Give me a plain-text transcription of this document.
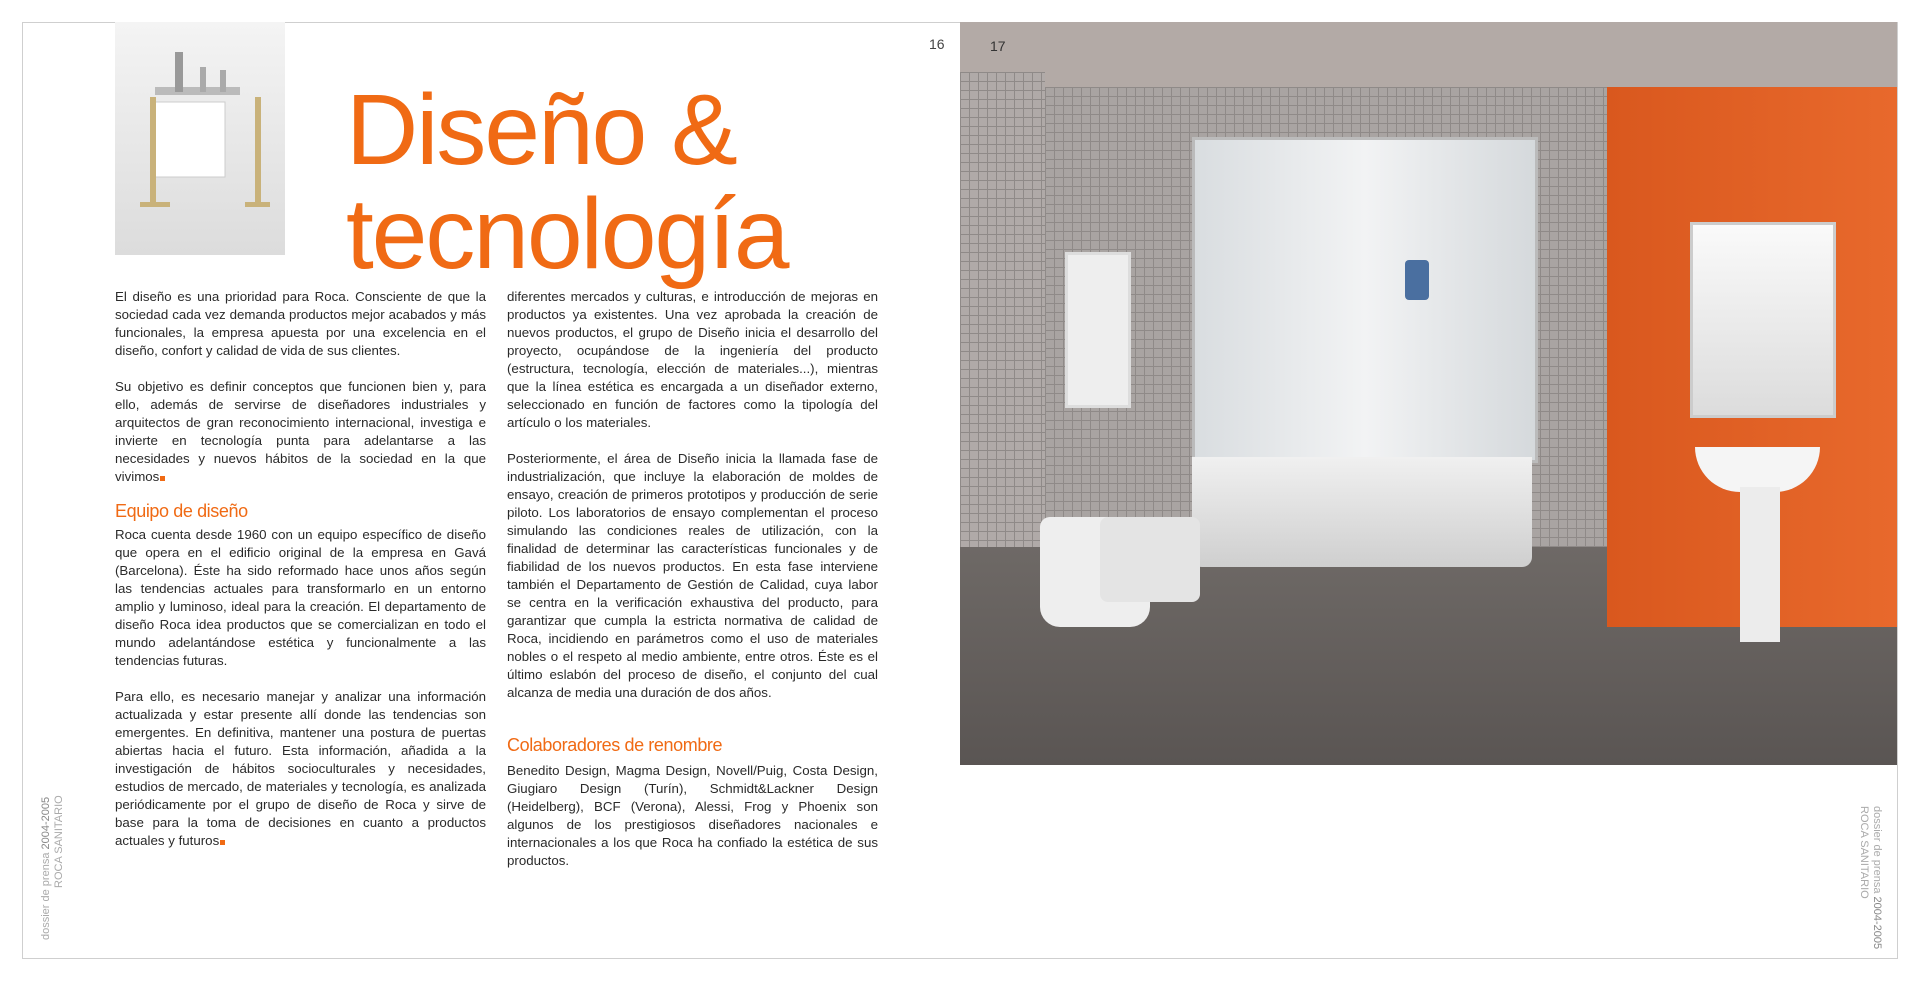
Diseño &
tecnología
16	17

El diseño es una prioridad para Roca. Consciente de que la sociedad cada vez demanda productos mejor acabados y más funcionales, la empresa apuesta por una excelencia en el diseño, confort y calidad de vida de sus clientes.

Su objetivo es definir conceptos que funcionen bien y, para ello, además de servirse de diseñadores industriales y arquitectos de gran reconocimiento internacional, investiga e invierte en tecnología punta para adelantarse a las necesidades y nuevos hábitos de la sociedad en la que vivimos

Equipo de diseño

Roca cuenta desde 1960 con un equipo específico de diseño que opera en el edificio original de la empresa en Gavá (Barcelona). Éste ha sido reformado hace unos años según las tendencias actuales para transformarlo en un entorno amplio y luminoso, ideal para la creación. El departamento de diseño Roca idea productos que se comercializan en todo el mundo adelantándose estética y funcionalmente a las tendencias futuras.

Para ello, es necesario manejar y analizar una información actualizada y estar presente allí donde las tendencias son emergentes. En definitiva, mantener una postura de puertas abiertas hacia el futuro. Esta información, añadida a la investigación de hábitos socioculturales y necesidades, estudios de mercado, de materiales y tecnología, es analizada periódicamente por el grupo de diseño de Roca y sirve de base para la toma de decisiones en cuanto a productos actuales y futuros

diferentes mercados y culturas, e introducción de mejoras en productos ya existentes. Una vez aprobada la creación de nuevos productos, el grupo de Diseño inicia el desarrollo del proyecto, ocupándose de la ingeniería del producto (estructura, tecnología, elección de materiales...), mientras que la línea estética es encargada a un diseñador externo, seleccionado en función de factores como la tipología del artículo o los materiales.

Posteriormente, el área de Diseño inicia la llamada fase de industrialización, que incluye la elaboración de moldes de ensayo, creación de primeros prototipos y producción de serie piloto. Los laboratorios de ensayo complementan el proceso simulando las condiciones reales de utilización, con la finalidad de determinar las características funcionales y de fiabilidad de los nuevos productos. En esta fase interviene también el Departamento de Gestión de Calidad, cuya labor se centra en la verificación exhaustiva del producto, para garantizar que cumpla la estricta normativa de calidad de Roca, incidiendo en parámetros como el uso de materiales nobles o el respeto al medio ambiente, entre otros. Éste es el último eslabón del proceso de diseño, el conjunto del cual alcanza de media una duración de dos años.

Colaboradores de renombre

Benedito Design, Magma Design, Novell/Puig, Costa Design, Giugiaro Design (Turín), Schmidt&Lackner Design (Heidelberg), BCF (Verona), Alessi, Frog y Phoenix son algunos de los prestigiosos diseñadores nacionales e internacionales a los que Roca ha confiado la estética de sus productos.

dossier de prensa 2004-2005
ROCA SANITARIO	dossier de prensa 2004-2005
ROCA SANITARIO
